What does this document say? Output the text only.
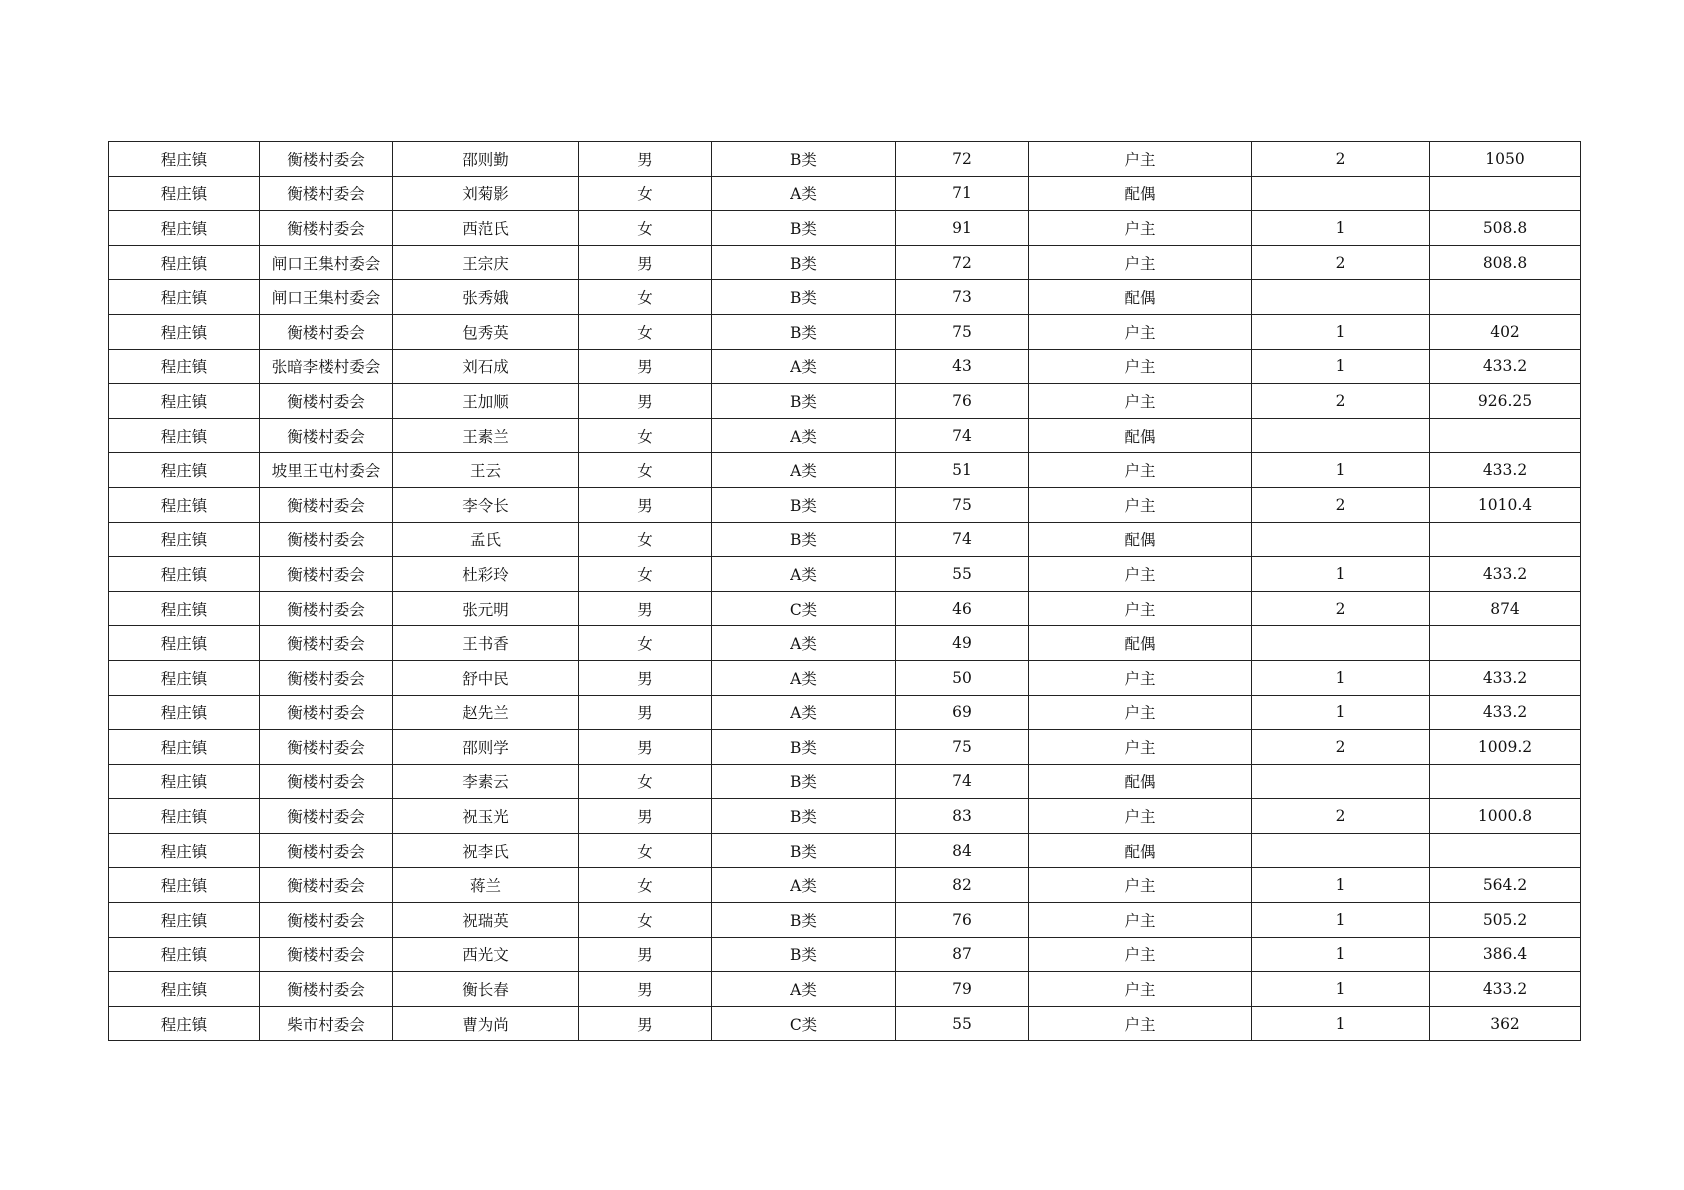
程庄镇	衡楼村委会	邵则勤	男	B类	72	户主	2	1050
程庄镇	衡楼村委会	刘菊影	女	A类	71	配偶		
程庄镇	衡楼村委会	西范氏	女	B类	91	户主	1	508.8
程庄镇	闸口王集村委会	王宗庆	男	B类	72	户主	2	808.8
程庄镇	闸口王集村委会	张秀娥	女	B类	73	配偶		
程庄镇	衡楼村委会	包秀英	女	B类	75	户主	1	402
程庄镇	张暗李楼村委会	刘石成	男	A类	43	户主	1	433.2
程庄镇	衡楼村委会	王加顺	男	B类	76	户主	2	926.25
程庄镇	衡楼村委会	王素兰	女	A类	74	配偶		
程庄镇	坡里王屯村委会	王云	女	A类	51	户主	1	433.2
程庄镇	衡楼村委会	李令长	男	B类	75	户主	2	1010.4
程庄镇	衡楼村委会	孟氏	女	B类	74	配偶		
程庄镇	衡楼村委会	杜彩玲	女	A类	55	户主	1	433.2
程庄镇	衡楼村委会	张元明	男	C类	46	户主	2	874
程庄镇	衡楼村委会	王书香	女	A类	49	配偶		
程庄镇	衡楼村委会	舒中民	男	A类	50	户主	1	433.2
程庄镇	衡楼村委会	赵先兰	男	A类	69	户主	1	433.2
程庄镇	衡楼村委会	邵则学	男	B类	75	户主	2	1009.2
程庄镇	衡楼村委会	李素云	女	B类	74	配偶		
程庄镇	衡楼村委会	祝玉光	男	B类	83	户主	2	1000.8
程庄镇	衡楼村委会	祝李氏	女	B类	84	配偶		
程庄镇	衡楼村委会	蒋兰	女	A类	82	户主	1	564.2
程庄镇	衡楼村委会	祝瑞英	女	B类	76	户主	1	505.2
程庄镇	衡楼村委会	西光文	男	B类	87	户主	1	386.4
程庄镇	衡楼村委会	衡长春	男	A类	79	户主	1	433.2
程庄镇	柴市村委会	曹为尚	男	C类	55	户主	1	362
